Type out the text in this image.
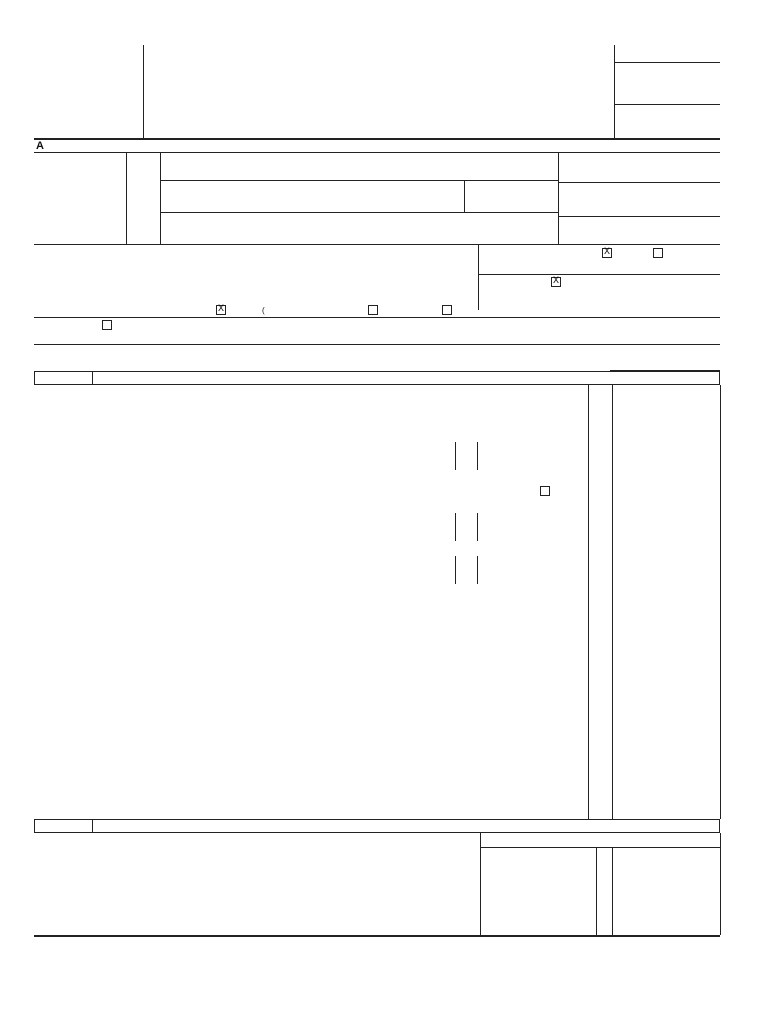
A
X
X
X
(
